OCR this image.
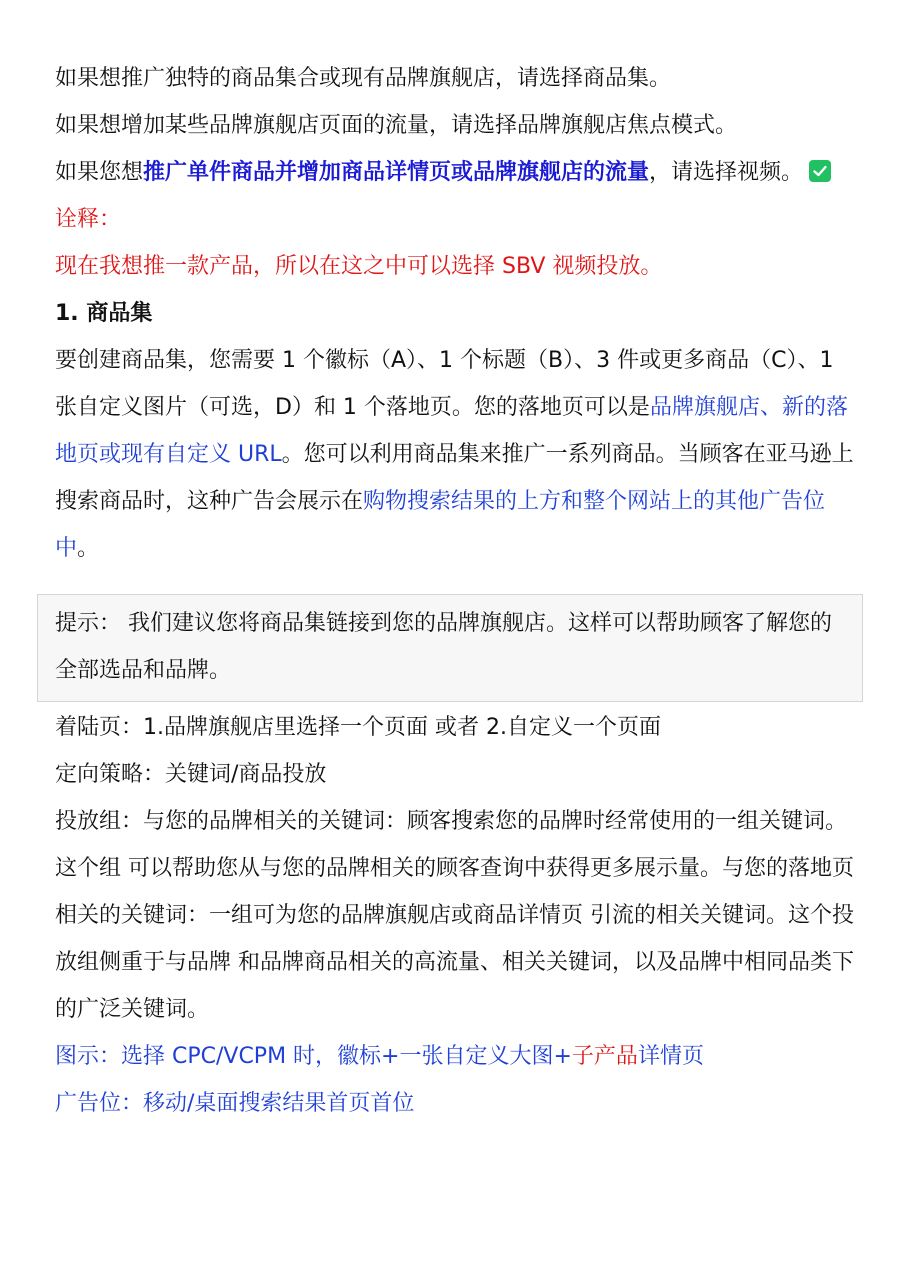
如果想推广独特的商品集合或现有品牌旗舰店，请选择商品集。

如果想增加某些品牌旗舰店页面的流量，请选择品牌旗舰店焦点模式。

如果您想推广单件商品并增加商品详情页或品牌旗舰店的流量，请选择视频。

诠释：

现在我想推一款产品，所以在这之中可以选择 SBV 视频投放。

1. 商品集

要创建商品集，您需要 1 个徽标（A）、1 个标题（B）、3 件或更多商品（C）、1 张自定义图片（可选，D）和 1 个落地页。您的落地页可以是品牌旗舰店、新的落地页或现有自定义 URL。您可以利用商品集来推广一系列商品。当顾客在亚马逊上搜索商品时，这种广告会展示在购物搜索结果的上方和整个网站上的其他广告位中。

提示： 我们建议您将商品集链接到您的品牌旗舰店。这样可以帮助顾客了解您的全部选品和品牌。

着陆页：1.品牌旗舰店里选择一个页面 或者 2.自定义一个页面

定向策略：关键词/商品投放

投放组：与您的品牌相关的关键词：顾客搜索您的品牌时经常使用的一组关键词。这个组 可以帮助您从与您的品牌相关的顾客查询中获得更多展示量。与您的落地页相关的关键词：一组可为您的品牌旗舰店或商品详情页 引流的相关关键词。这个投放组侧重于与品牌 和品牌商品相关的高流量、相关关键词，以及品牌中相同品类下的广泛关键词。

图示：选择 CPC/VCPM 时，徽标+一张自定义大图+子产品详情页

广告位：移动/桌面搜索结果首页首位
